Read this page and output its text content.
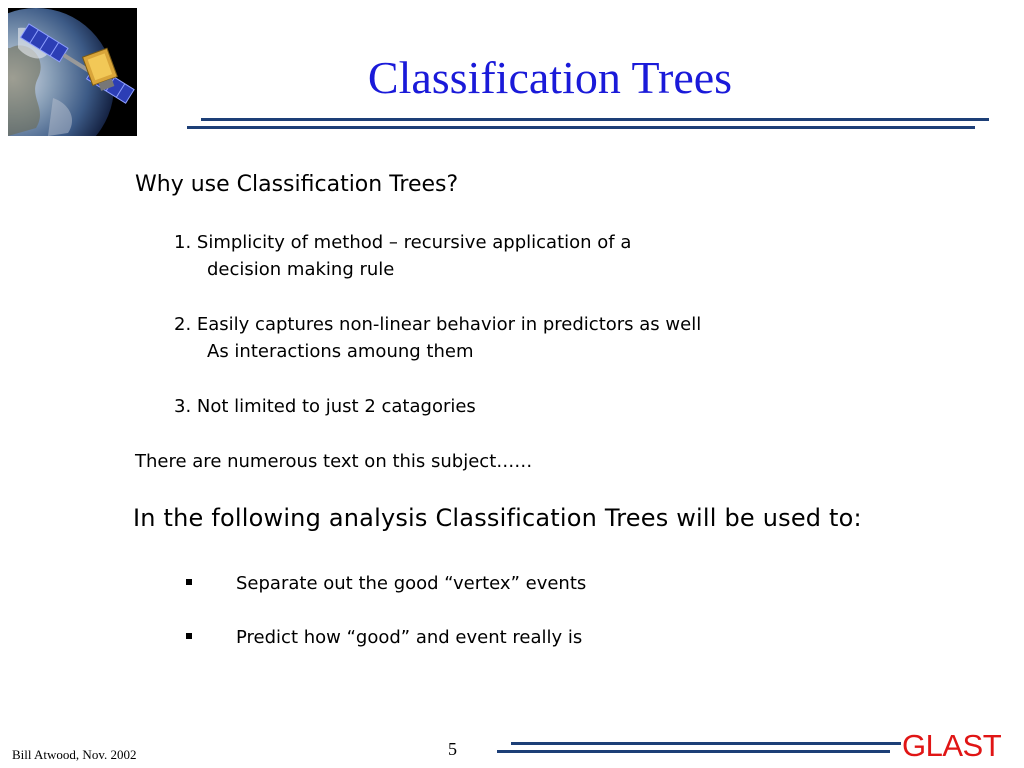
Classification Trees
Why use Classification Trees?
1. Simplicity of method – recursive application of a
decision making rule
2. Easily captures non-linear behavior in predictors as well
As interactions amoung them
3. Not limited to just 2 catagories
There are numerous text on this subject……
In the following analysis Classification Trees will be used to:
Separate out the good “vertex” events
Predict how “good” and event really is
Bill Atwood, Nov. 2002	5	GLAST
